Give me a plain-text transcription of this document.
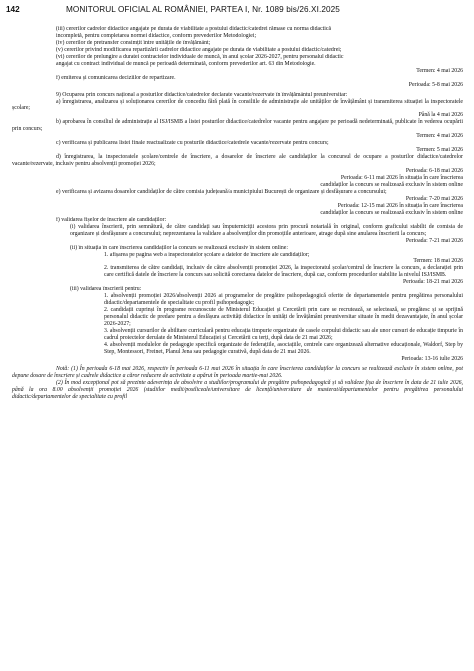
142	MONITORUL OFICIAL AL ROMÂNIEI, PARTEA I, Nr. 1089 bis/26.XI.2025
(iii) cererilor cadrelor didactice angajate pe durata de viabilitate a postului didactic/catedrei rămase cu norma didactică
incompletă, pentru completarea normei didactice, conform prevederilor Metodologiei;
(iv) cererilor de pretransfer consimțit între unitățile de învățământ;
(v) cererilor privind modificarea repartizării cadrelor didactice angajate pe durata de viabilitate a postului didactic/catedrei;
(vi) cererilor de prelungire a duratei contractelor individuale de muncă, în anul școlar 2026-2027, pentru personalul didactic
angajat cu contract individual de muncă pe perioadă determinată, conform prevederilor art. 63 din Metodologie.
Termen: 4 mai 2026
f) emiterea și comunicarea deciziilor de repartizare.
Perioada: 5-8 mai 2026
9) Ocuparea prin concurs național a posturilor didactice/catedrelor declarate vacante/rezervate în învățământul preuniversitar:
a) înregistrarea, analizarea și soluționarea cererilor de concediu fără plată în consiliile de administrație ale unităților de învățământ și transmiterea situației la inspectoratele școlare;
Până la 4 mai 2026
b) aprobarea în consiliul de administrație al ISJ/ISMB a listei posturilor didactice/catedrelor vacante pentru angajare pe perioadă nedeterminată, publicate în vederea ocupării prin concurs;
Termen: 4 mai 2026
c) verificarea și publicarea listei finale reactualizate cu posturile didactice/catedrele vacante/rezervate pentru concurs;
Termen: 5 mai 2026
d) înregistrarea, la inspectoratele școlare/centrele de înscriere, a dosarelor de înscriere ale candidaților la concursul de ocupare a posturilor didactice/catedrelor vacante/rezervate, inclusiv pentru absolvenții promoției 2026;
Perioada: 6-18 mai 2026
Perioada: 6-11 mai 2026 în situația în care înscrierea
candidaților la concurs se realizează exclusiv în sistem online
e) verificarea și avizarea dosarelor candidaților de către comisia județeană/a municipiului București de organizare și desfășurare a concursului;
Perioada: 7-20 mai 2026
Perioada: 12-15 mai 2026 în situația în care înscrierea
candidaților la concurs se realizează exclusiv în sistem online
f) validarea fișelor de înscriere ale candidaților:
(i) validarea înscrierii, prin semnătură, de către candidați sau împuterniciții acestora prin procură notarială în original, conform graficului stabilit de comisia de organizare și desfășurare a concursului; neprezentarea la validare a absolvenților din promoțiile anterioare, atrage după sine anularea înscrierii la concurs;
Perioada: 7-21 mai 2026
(ii) în situația în care înscrierea candidaților la concurs se realizează exclusiv în sistem online:
1. afișarea pe pagina web a inspectoratelor școlare a datelor de înscriere ale candidaților;
Termen: 18 mai 2026
2. transmiterea de către candidați, inclusiv de către absolvenții promoției 2026, la inspectoratul școlar/centrul de înscriere la concurs, a declarației prin care certifică datele de înscriere la concurs sau solicită corectarea datelor de înscriere, după caz, conform procedurilor stabilite la nivelul ISJ/ISMB.
Perioada: 18-21 mai 2026
(iii) validarea înscrierii pentru:
1. absolvenții promoției 2026/absolvenții 2026 ai programelor de pregătire psihopedagogică oferite de departamentele pentru pregătirea personalului didactic/departamentele de specialitate cu profil psihopedagogic;
2. candidații cuprinși în programe recunoscute de Ministerul Educației și Cercetării prin care se recrutează, se selectează, se pregătesc și se sprijină personalul didactic de predare pentru a desfășura activități didactice în unități de învățământ preuniversitar situate în medii dezavantajate, în anul școlar 2026-2027;
3. absolvenții cursurilor de abilitare curriculară pentru educația timpurie organizate de casele corpului didactic sau ale unor cursuri de educație timpurie în cadrul proiectelor derulate de Ministerul Educației și Cercetării cu terți, după data de 21 mai 2026;
4. absolvenții modulelor de pedagogie specifică organizate de federațiile, asociațiile, centrele care organizează alternative educaționale, Waldorf, Step by Step, Montessori, Freinet, Planul Jena sau pedagogie curativă, după data de 21 mai 2026.
Perioada: 13-16 iulie 2026
Notă: (1) În perioada 6-18 mai 2026, respectiv în perioada 6-11 mai 2026 în situația în care înscrierea candidaților la concurs se realizează exclusiv în sistem online, pot depune dosare de înscriere și cadrele didactice a căror reducere de activitate a apărut în perioada martie-mai 2026.
(2) În mod excepțional pot să prezinte adeverința de absolvire a studiilor/programului de pregătire psihopedagogică și să valideze fișa de înscriere în data de 21 iulie 2026, până la ora 8.00 absolvenții promoției 2026 (studiilor medii/postliceale/universitare de licență/universitare de masterat/departamentelor pentru pregătirea personalului didactic/departamentelor de specialitate cu profil
